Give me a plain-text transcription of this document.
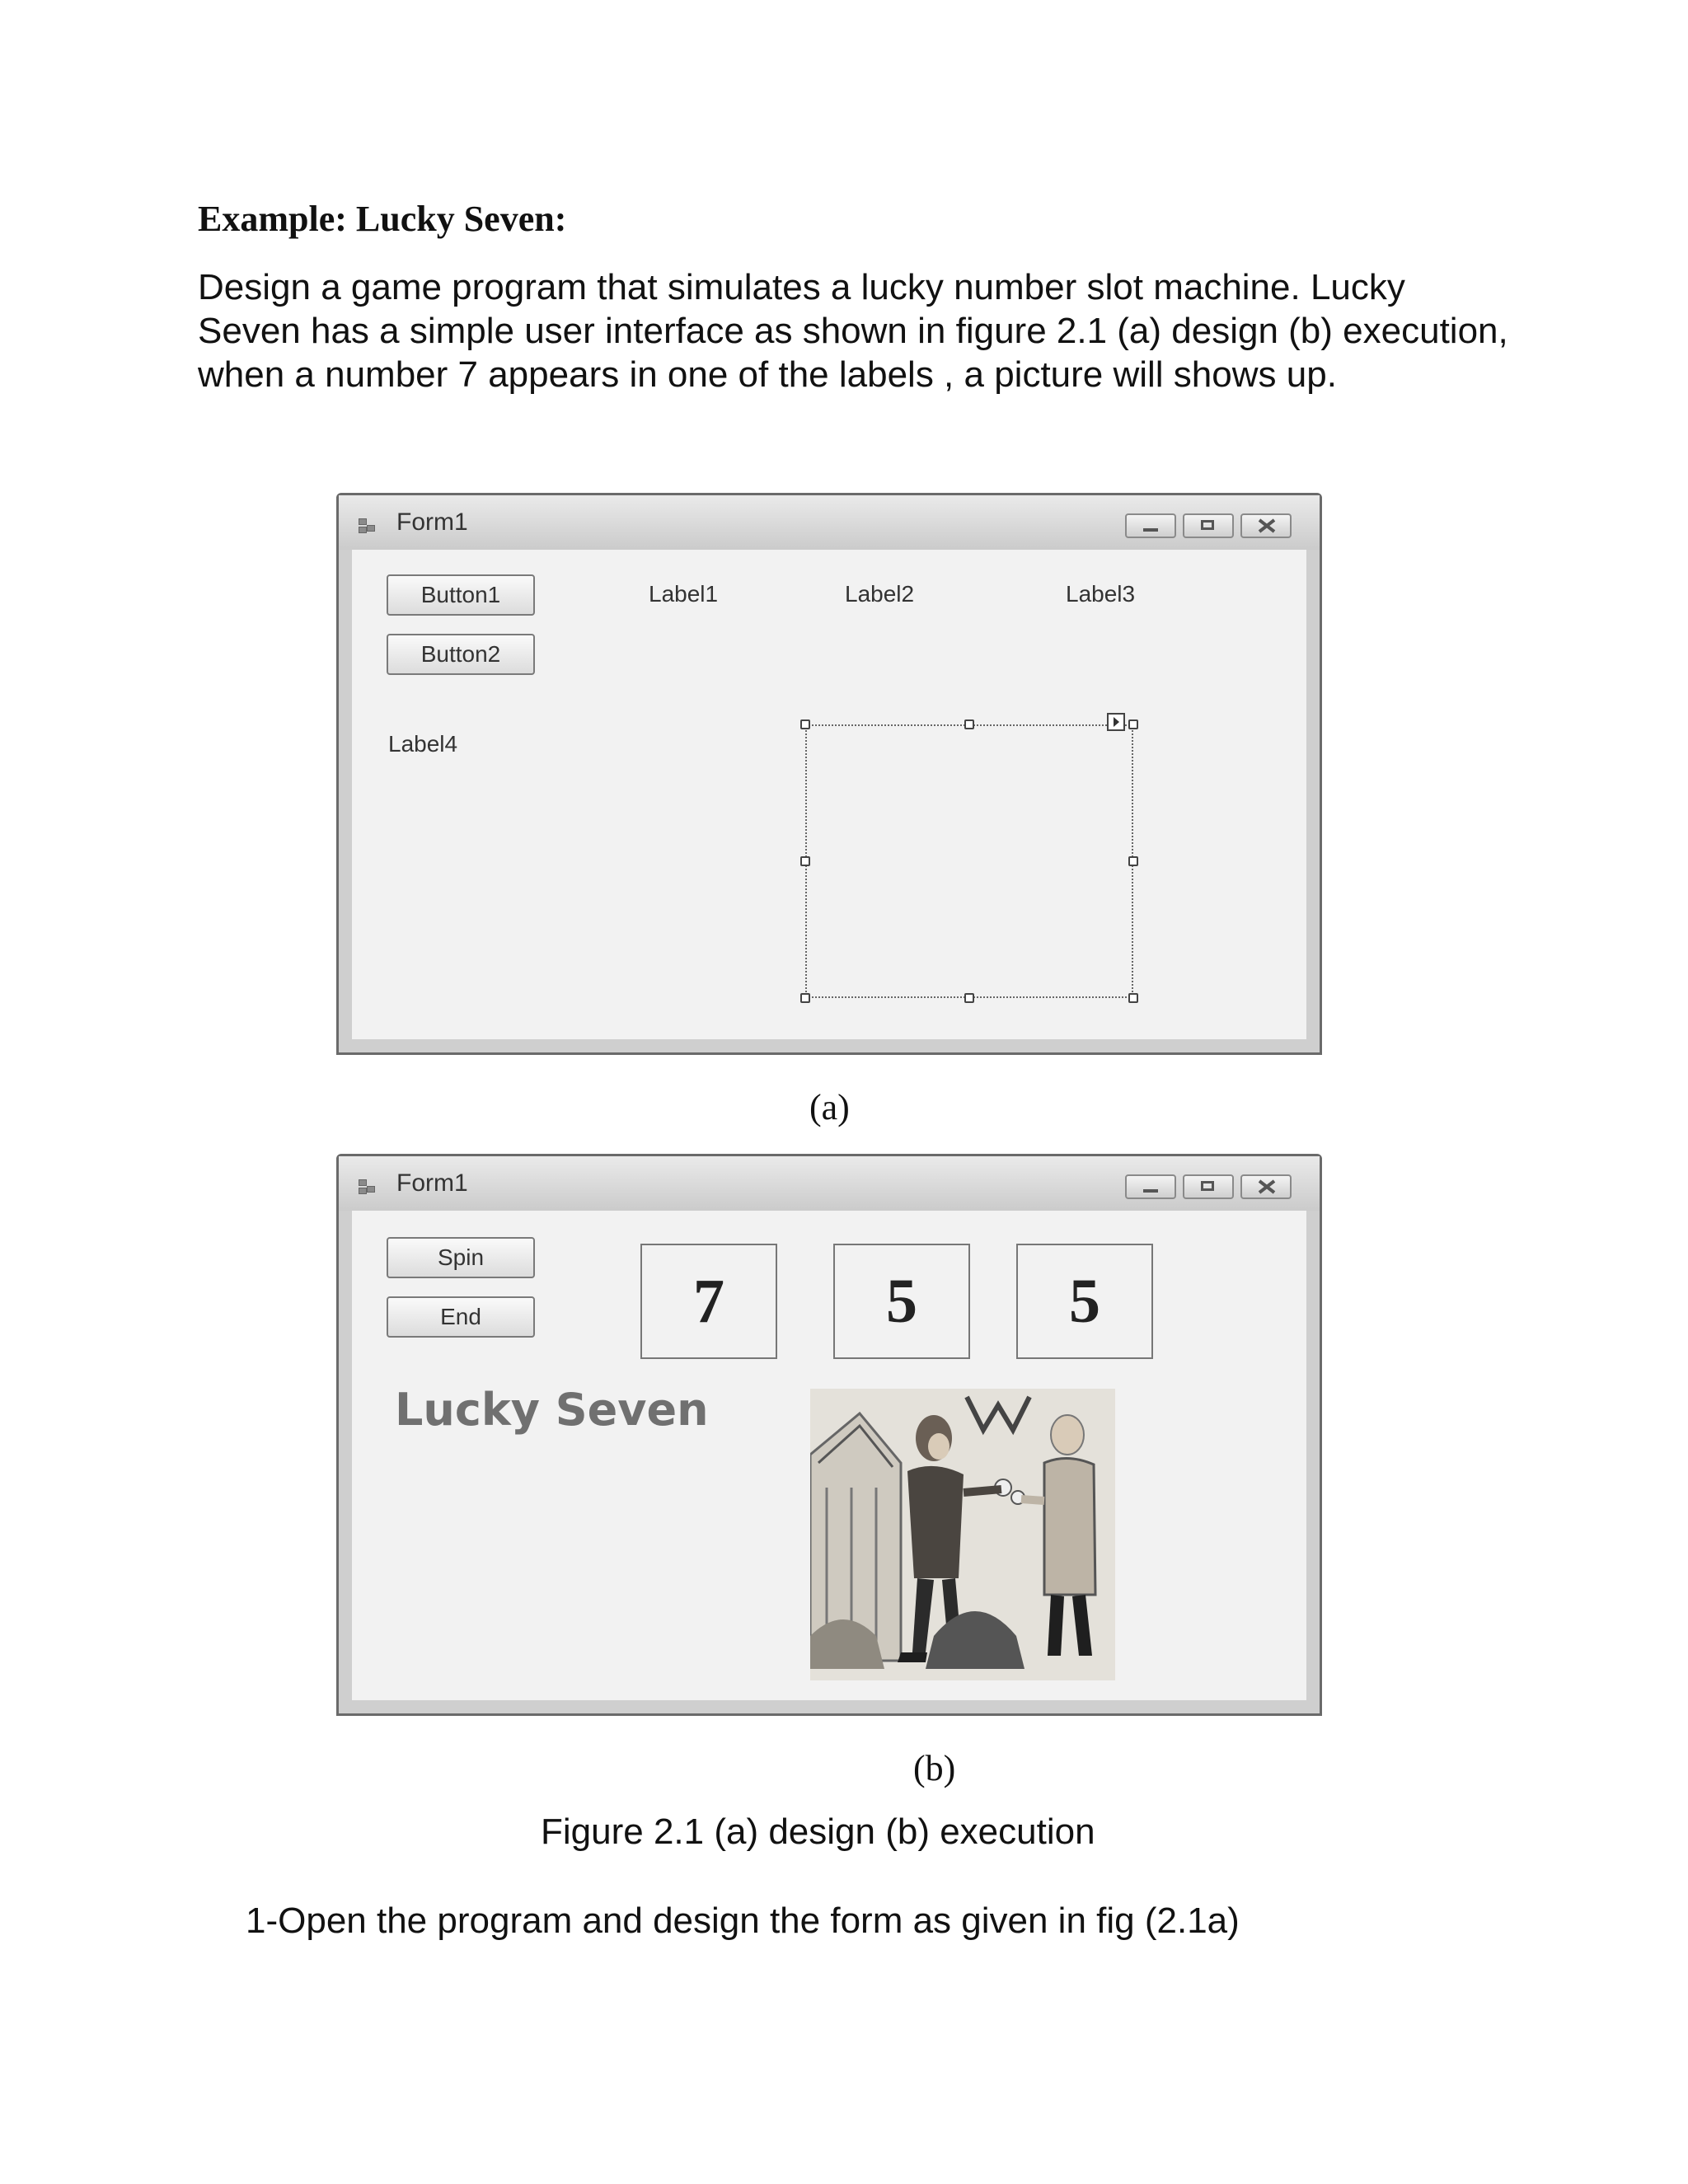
Example: Lucky Seven:
Design a game program that simulates a lucky number slot machine. Lucky Seven has a simple user interface as shown in figure 2.1 (a) design (b) execution, when a number 7 appears in one of the labels , a picture will shows up.
Form1
Button1
Button2
Label1	Label2	Label3
Label4
(a)
Form1
Spin
End	7	5	5
Lucky Seven
(b)
Figure 2.1 (a) design (b) execution
1-Open the program and design the form as given in fig (2.1a)
